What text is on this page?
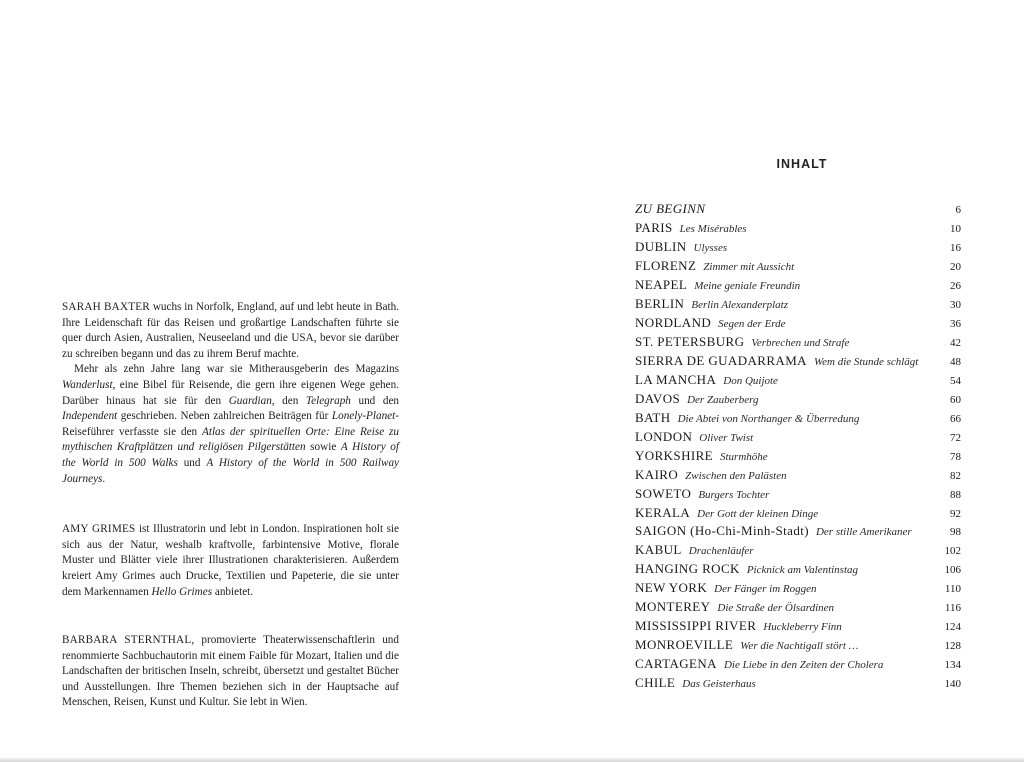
SARAH BAXTER wuchs in Norfolk, England, auf und lebt heute in Bath. Ihre Leidenschaft für das Reisen und großartige Landschaften führte sie quer durch Asien, Australien, Neuseeland und die USA, bevor sie darüber zu schreiben begann und das zu ihrem Beruf machte.

Mehr als zehn Jahre lang war sie Mitherausgeberin des Magazins Wanderlust, eine Bibel für Reisende, die gern ihre eigenen Wege gehen. Darüber hinaus hat sie für den Guardian, den Telegraph und den Independent geschrieben. Neben zahlreichen Beiträgen für Lonely-Planet-Reiseführer verfasste sie den Atlas der spirituellen Orte: Eine Reise zu mythischen Kraftplätzen und religiösen Pilgerstätten sowie A History of the World in 500 Walks und A History of the World in 500 Railway Journeys.

AMY GRIMES ist Illustratorin und lebt in London. Inspirationen holt sie sich aus der Natur, weshalb kraftvolle, farbintensive Motive, florale Muster und Blätter viele ihrer Illustrationen charakterisieren. Außerdem kreiert Amy Grimes auch Drucke, Textilien und Papeterie, die sie unter dem Markennamen Hello Grimes anbietet.

BARBARA STERNTHAL, promovierte Theaterwissenschaftlerin und renommierte Sachbuchautorin mit einem Faible für Mozart, Italien und die Landschaften der britischen Inseln, schreibt, übersetzt und gestaltet Bücher und Ausstellungen. Ihre Themen beziehen sich in der Hauptsache auf Menschen, Reisen, Kunst und Kultur. Sie lebt in Wien.

INHALT
ZU BEGINN	6
PARIS Les Misérables	10
DUBLIN Ulysses	16
FLORENZ Zimmer mit Aussicht	20
NEAPEL Meine geniale Freundin	26
BERLIN Berlin Alexanderplatz	30
NORDLAND Segen der Erde	36
ST. PETERSBURG Verbrechen und Strafe	42
SIERRA DE GUADARRAMA Wem die Stunde schlägt	48
LA MANCHA Don Quijote	54
DAVOS Der Zauberberg	60
BATH Die Abtei von Northanger & Überredung	66
LONDON Oliver Twist	72
YORKSHIRE Sturmhöhe	78
KAIRO Zwischen den Palästen	82
SOWETO Burgers Tochter	88
KERALA Der Gott der kleinen Dinge	92
SAIGON (Ho-Chi-Minh-Stadt) Der stille Amerikaner	98
KABUL Drachenläufer	102
HANGING ROCK Picknick am Valentinstag	106
NEW YORK Der Fänger im Roggen	110
MONTEREY Die Straße der Ölsardinen	116
MISSISSIPPI RIVER Huckleberry Finn	124
MONROEVILLE Wer die Nachtigall stört …	128
CARTAGENA Die Liebe in den Zeiten der Cholera	134
CHILE Das Geisterhaus	140
